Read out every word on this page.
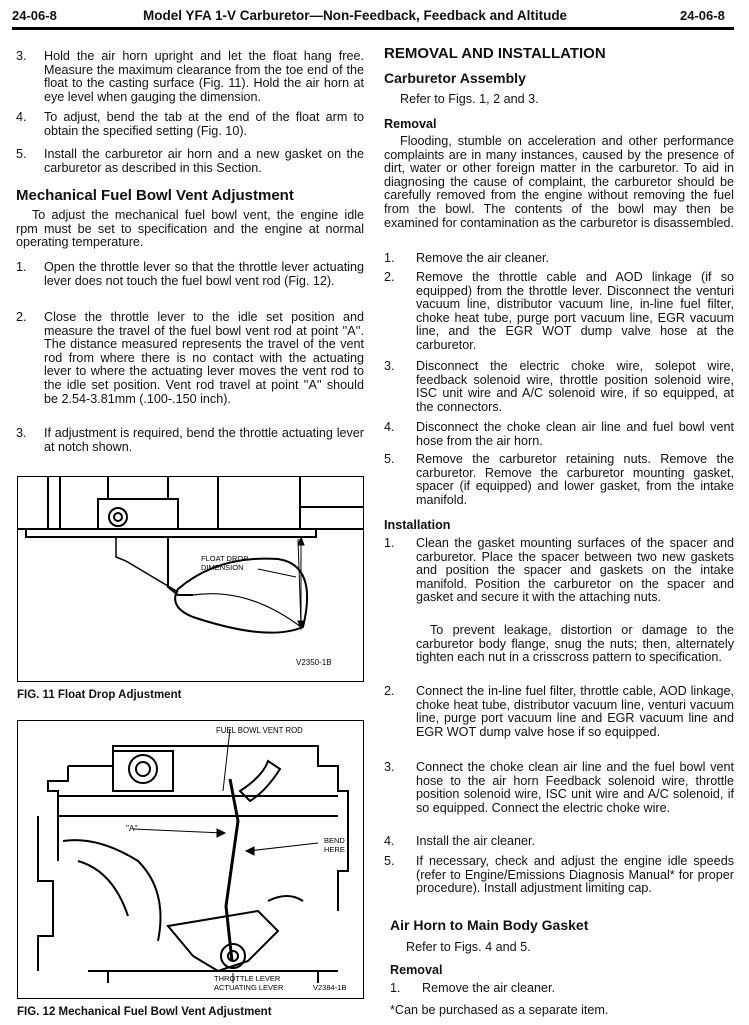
24-06-8	Model YFA 1-V Carburetor—Non-Feedback, Feedback and Altitude	24-06-8
3. Hold the air horn upright and let the float hang free. Measure the maximum clearance from the toe end of the float to the casting surface (Fig. 11). Hold the air horn at eye level when gauging the dimension.
4. To adjust, bend the tab at the end of the float arm to obtain the specified setting (Fig. 10).
5. Install the carburetor air horn and a new gasket on the carburetor as described in this Section.
Mechanical Fuel Bowl Vent Adjustment

To adjust the mechanical fuel bowl vent, the engine idle rpm must be set to specification and the engine at normal operating temperature.

1. Open the throttle lever so that the throttle lever actuating lever does not touch the fuel bowl vent rod (Fig. 12).
2. Close the throttle lever to the idle set position and measure the travel of the fuel bowl vent rod at point ''A''. The distance measured represents the travel of the vent rod from where there is no contact with the actuating lever to where the actuating lever moves the vent rod to the idle set position. Vent rod travel at point ''A'' should be 2.54-3.81mm (.100-.150 inch).
3. If adjustment is required, bend the throttle actuating lever at notch shown.
FLOAT DROP
DIMENSION
V2350-1B
FIG. 11 Float Drop Adjustment
FUEL BOWL VENT ROD
''A''
BEND
HERE
THROTTLE LEVER
ACTUATING LEVER	V2384-1B
FIG. 12 Mechanical Fuel Bowl Vent Adjustment
REMOVAL AND INSTALLATION
Carburetor Assembly

Refer to Figs. 1, 2 and 3.

Removal

Flooding, stumble on acceleration and other performance complaints are in many instances, caused by the presence of dirt, water or other foreign matter in the carburetor. To aid in diagnosing the cause of complaint, the carburetor should be carefully removed from the engine without removing the fuel from the bowl. The contents of the bowl may then be examined for contamination as the carburetor is disassembled.

1. Remove the air cleaner.
2. Remove the throttle cable and AOD linkage (if so equipped) from the throttle lever. Disconnect the venturi vacuum line, distributor vacuum line, in-line fuel filter, choke heat tube, purge port vacuum line, EGR vacuum line, and the EGR WOT dump valve hose at the carburetor.
3. Disconnect the electric choke wire, solepot wire, feedback solenoid wire, throttle position solenoid wire, ISC unit wire and A/C solenoid wire, if so equipped, at the connectors.
4. Disconnect the choke clean air line and fuel bowl vent hose from the air horn.
5. Remove the carburetor retaining nuts. Remove the carburetor. Remove the carburetor mounting gasket, spacer (if equipped) and lower gasket, from the intake manifold.
Installation
1. Clean the gasket mounting surfaces of the spacer and carburetor. Place the spacer between two new gaskets and position the spacer and gaskets on the intake manifold. Position the carburetor on the spacer and gasket and secure it with the attaching nuts.

To prevent leakage, distortion or damage to the carburetor body flange, snug the nuts; then, alternately tighten each nut in a crisscross pattern to specification.

2. Connect the in-line fuel filter, throttle cable, AOD linkage, choke heat tube, distributor vacuum line, venturi vacuum line, purge port vacuum line and EGR vacuum line and EGR WOT dump valve hose if so equipped.
3. Connect the choke clean air line and the fuel bowl vent hose to the air horn Feedback solenoid wire, throttle position solenoid wire, ISC unit wire and A/C solenoid, if so equipped. Connect the electric choke wire.
4. Install the air cleaner.
5. If necessary, check and adjust the engine idle speeds (refer to Engine/Emissions Diagnosis Manual* for proper procedure). Install adjustment limiting cap.
Air Horn to Main Body Gasket

Refer to Figs. 4 and 5.

Removal
1. Remove the air cleaner.

*Can be purchased as a separate item.
